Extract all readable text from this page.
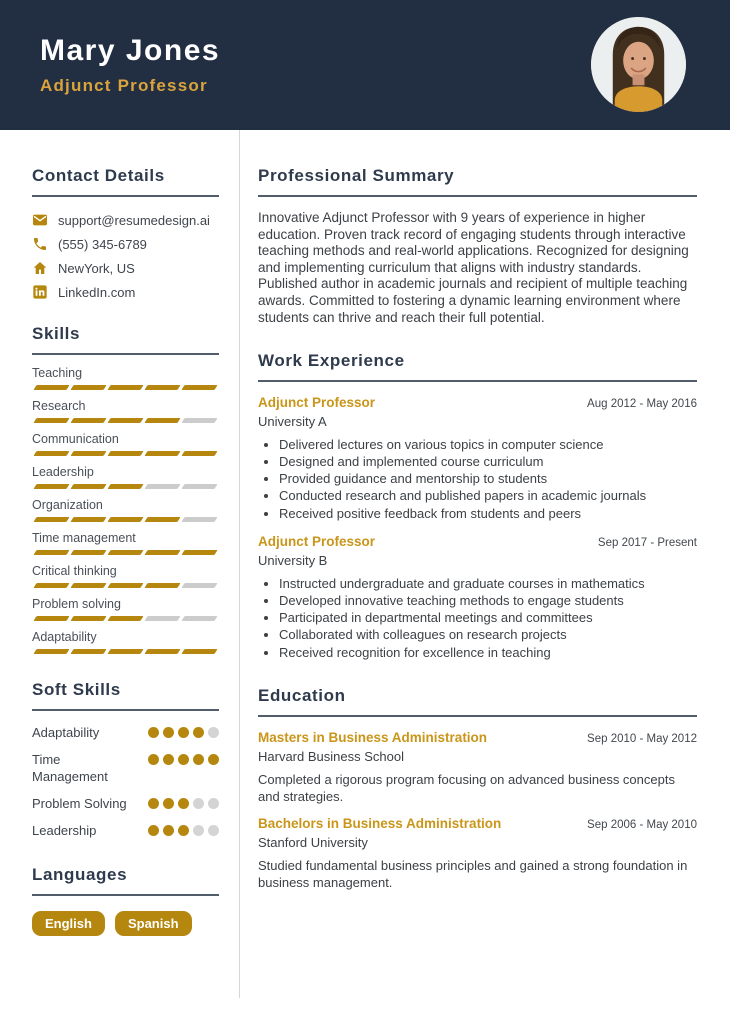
Mary Jones
Adjunct Professor
Contact Details
support@resumedesign.ai
(555) 345-6789
NewYork, US
LinkedIn.com
Skills
Teaching
Research
Communication
Leadership
Organization
Time management
Critical thinking
Problem solving
Adaptability
Soft Skills
Adaptability
Time Management
Problem Solving
Leadership
Languages
English	Spanish
Professional Summary

Innovative Adjunct Professor with 9 years of experience in higher education. Proven track record of engaging students through interactive teaching methods and real-world applications. Recognized for designing and implementing curriculum that aligns with industry standards. Published author in academic journals and recipient of multiple teaching awards. Committed to fostering a dynamic learning environment where students can thrive and reach their full potential.

Work Experience
Adjunct Professor	Aug 2012 - May 2016
University A
• Delivered lectures on various topics in computer science
• Designed and implemented course curriculum
• Provided guidance and mentorship to students
• Conducted research and published papers in academic journals
• Received positive feedback from students and peers
Adjunct Professor	Sep 2017 - Present
University B
• Instructed undergraduate and graduate courses in mathematics
• Developed innovative teaching methods to engage students
• Participated in departmental meetings and committees
• Collaborated with colleagues on research projects
• Received recognition for excellence in teaching
Education
Masters in Business Administration	Sep 2010 - May 2012
Harvard Business School

Completed a rigorous program focusing on advanced business concepts and strategies.

Bachelors in Business Administration	Sep 2006 - May 2010
Stanford University

Studied fundamental business principles and gained a strong foundation in business management.
